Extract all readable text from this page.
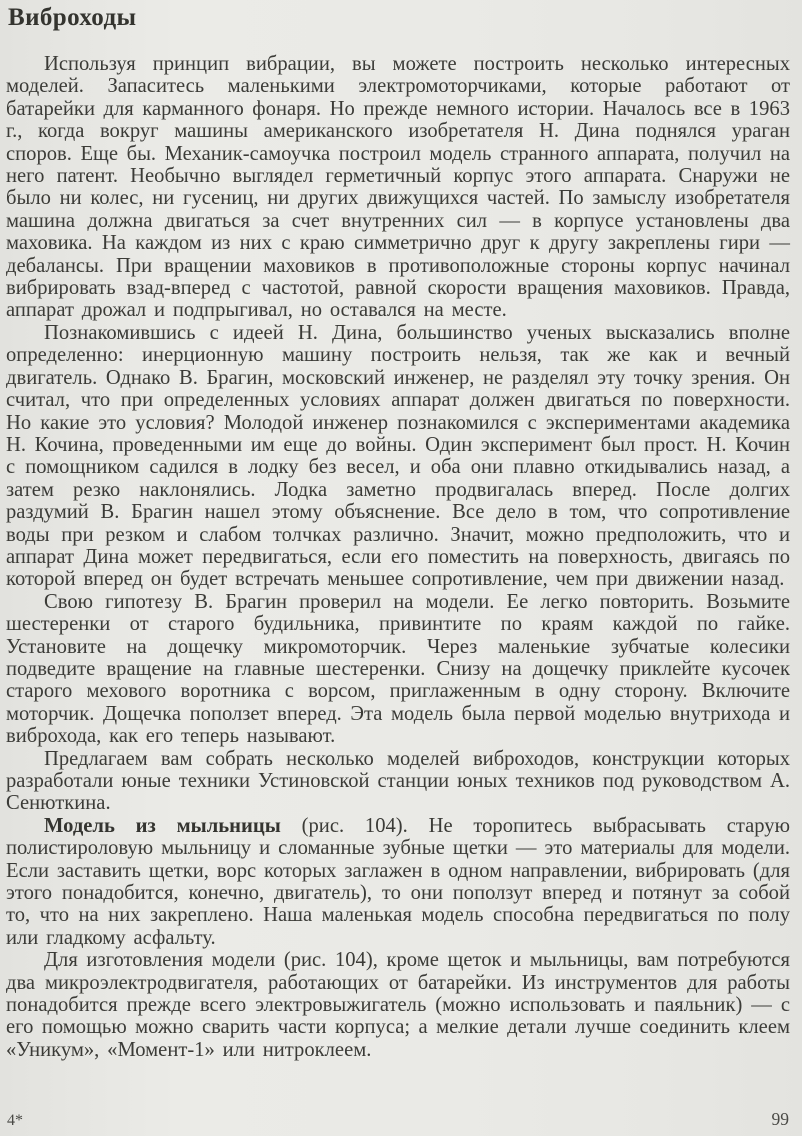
Виброходы

Используя принцип вибрации, вы можете построить несколько интересных моделей. Запаситесь маленькими электромоторчиками, которые работают от батарейки для карманного фонаря. Но прежде немного истории. Началось все в 1963 г., когда вокруг машины американского изобретателя Н. Дина поднялся ураган споров. Еще бы. Механик-самоучка построил модель странного аппарата, получил на него патент. Необычно выглядел герметичный корпус этого аппарата. Снаружи не было ни колес, ни гусениц, ни других движущихся частей. По замыслу изобретателя машина должна двигаться за счет внутренних сил — в корпусе установлены два маховика. На каждом из них с краю симметрично друг к другу закреплены гири — дебалансы. При вращении маховиков в противоположные стороны корпус начинал вибрировать взад-вперед с частотой, равной скорости вращения маховиков. Правда, аппарат дрожал и подпрыгивал, но оставался на месте.

Познакомившись с идеей Н. Дина, большинство ученых высказались вполне определенно: инерционную машину построить нельзя, так же как и вечный двигатель. Однако В. Брагин, московский инженер, не разделял эту точку зрения. Он считал, что при определенных условиях аппарат должен двигаться по поверхности. Но какие это условия? Молодой инженер познакомился с экспериментами академика Н. Кочина, проведенными им еще до войны. Один эксперимент был прост. Н. Кочин с помощником садился в лодку без весел, и оба они плавно откидывались назад, а затем резко наклонялись. Лодка заметно продвигалась вперед. После долгих раздумий В. Брагин нашел этому объяснение. Все дело в том, что сопротивление воды при резком и слабом толчках различно. Значит, можно предположить, что и аппарат Дина может передвигаться, если его поместить на поверхность, двигаясь по которой вперед он будет встречать меньшее сопротивление, чем при движении назад.

Свою гипотезу В. Брагин проверил на модели. Ее легко повторить. Возьмите шестеренки от старого будильника, привинтите по краям каждой по гайке. Установите на дощечку микромоторчик. Через маленькие зубчатые колесики подведите вращение на главные шестеренки. Снизу на дощечку приклейте кусочек старого мехового воротника с ворсом, приглаженным в одну сторону. Включите моторчик. Дощечка поползет вперед. Эта модель была первой моделью внутрихода и виброхода, как его теперь называют.

Предлагаем вам собрать несколько моделей виброходов, конструкции которых разработали юные техники Устиновской станции юных техников под руководством А. Сенюткина.

Модель из мыльницы (рис. 104). Не торопитесь выбрасывать старую полистироловую мыльницу и сломанные зубные щетки — это материалы для модели. Если заставить щетки, ворс которых заглажен в одном направлении, вибрировать (для этого понадобится, конечно, двигатель), то они поползут вперед и потянут за собой то, что на них закреплено. Наша маленькая модель способна передвигаться по полу или гладкому асфальту.

Для изготовления модели (рис. 104), кроме щеток и мыльницы, вам потребуются два микроэлектродвигателя, работающих от батарейки. Из инструментов для работы понадобится прежде всего электровыжигатель (можно использовать и паяльник) — с его помощью можно сварить части корпуса; а мелкие детали лучше соединить клеем «Уникум», «Момент-1» или нитроклеем.

4*	99
